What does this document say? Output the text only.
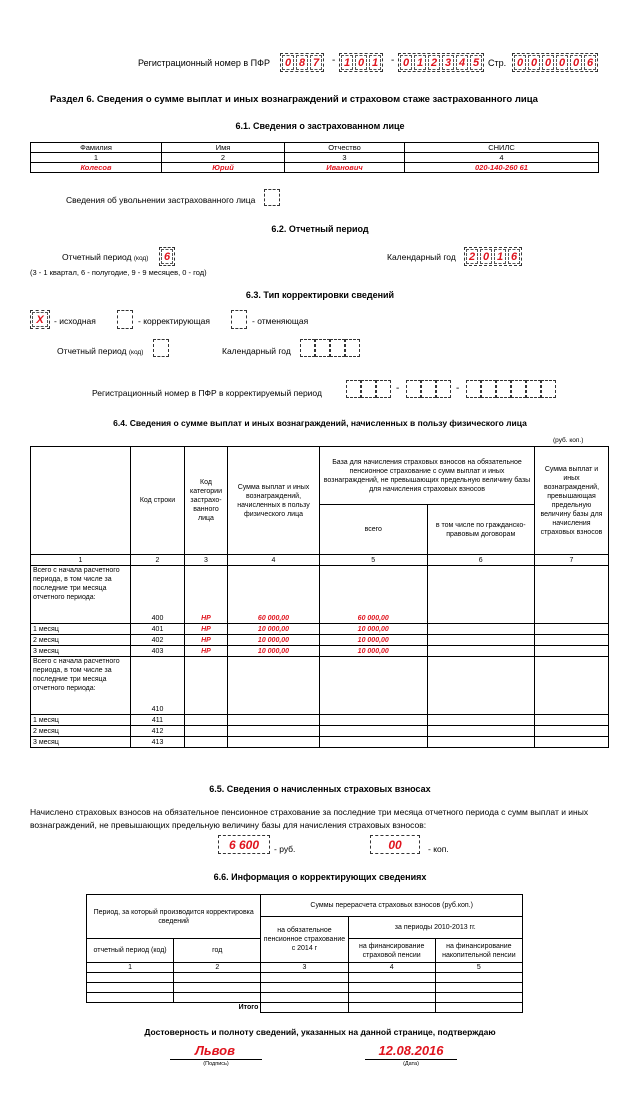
Регистрационный номер в ПФР 0 8 7 - 1 0 1 - 0 1 2 3 4 5 Стр. 0 0 0 0 0 6
Раздел 6. Сведения о сумме выплат и иных вознаграждений и страховом стаже застрахованного лица
6.1. Сведения о застрахованном лице
Фамилия	Имя	Отчество	СНИЛС
1	2	3	4
Колесов	Юрий	Иванович	020-140-260 61
Сведения об увольнении застрахованного лица
6.2. Отчетный период
Отчетный период (код) 6
(3 - 1 квартал, 6 - полугодие, 9 - 9 месяцев, 0 - год)
Календарный год 2 0 1 6
6.3. Тип корректировки сведений
X	- исходная	- корректирующая	- отменяющая
Отчетный период (код)	Календарный год
Регистрационный номер в ПФР в корректируемый период	-	-
6.4. Сведения о сумме выплат и иных вознаграждений, начисленных в пользу физического лица
(руб. коп.)
	Код строки	Код категории застрахо-ванного лица	Сумма выплат и иных вознаграждений, начисленных в пользу физического лица	База для начисления страховых взносов на обязательное пенсионное страхование с сумм выплат и иных вознаграждений, не превышающих предельную величину базы для начисления страховых взносов		Сумма выплат и иных вознаграждений, превышающая предельную величину базы для начисления страховых взносов
				всего	в том числе по гражданско-правовым договорам	
1	2	3	4	5	6	7
Всего с начала расчетного периода, в том числе за последние три месяца отчетного периода:	400	НР	60 000,00	60 000,00		
1 месяц	401	НР	10 000,00	10 000,00		
2 месяц	402	НР	10 000,00	10 000,00		
3 месяц	403	НР	10 000,00	10 000,00		
Всего с начала расчетного периода, в том числе за последние три месяца отчетного периода:	410					
1 месяц	411					
2 месяц	412					
3 месяц	413					
6.5. Сведения о начисленных страховых взносах
Начислено страховых взносов на обязательное пенсионное страхование за последние три месяца отчетного периода с сумм выплат и иных вознаграждений, не превышающих предельную величину базы для начисления страховых взносов:
6 600	- руб.	00	- коп.
6.6. Информация о корректирующих сведениях
Период, за который производится корректировка сведений		Суммы перерасчета страховых взносов (руб.коп.)		
		на обязательное пенсионное страхование с 2014 г	за периоды 2010-2013 гг.	
отчетный период (код)	год		на финансирование страховой пенсии	на финансирование накопительной пенсии
1	2	3	4	5

Итого				
Достоверность и полноту сведений, указанных на данной странице, подтверждаю
Львов
(Подпись)
12.08.2016
(Дата)
